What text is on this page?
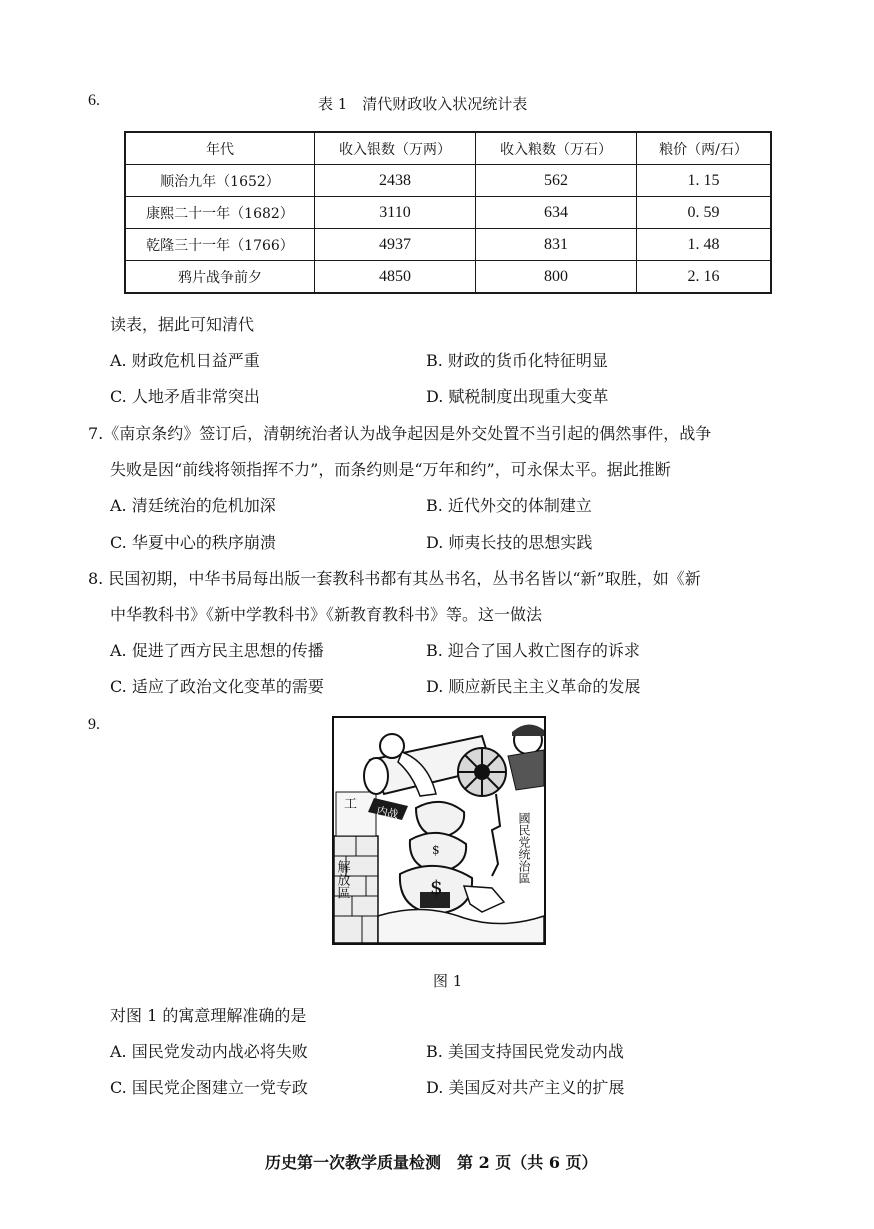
6.	表 1　清代财政收入状况统计表
年代	收入银数（万两）	收入粮数（万石）	粮价（两/石）
顺治九年（1652）	2438	562	1. 15
康熙二十一年（1682）	3110	634	0. 59
乾隆三十一年（1766）	4937	831	1. 48
鸦片战争前夕	4850	800	2. 16
读表，据此可知清代
A. 财政危机日益严重	B. 财政的货币化特征明显
C. 人地矛盾非常突出	D. 赋税制度出现重大变革
7.《南京条约》签订后，清朝统治者认为战争起因是外交处置不当引起的偶然事件，战争
失败是因“前线将领指挥不力”，而条约则是“万年和约”，可永保太平。据此推断
A. 清廷统治的危机加深	B. 近代外交的体制建立
C. 华夏中心的秩序崩溃	D. 师夷长技的思想实践
8. 民国初期，中华书局每出版一套教科书都有其丛书名，丛书名皆以“新”取胜，如《新
中华教科书》《新中学教科书》《新教育教科书》等。这一做法
A. 促进了西方民主思想的传播	B. 迎合了国人救亡图存的诉求
C. 适应了政治文化变革的需要	D. 顺应新民主主义革命的发展
9.
工
解放區
内战
$
$
國民党统治區
图 1
对图 1 的寓意理解准确的是
A. 国民党发动内战必将失败	B. 美国支持国民党发动内战
C. 国民党企图建立一党专政	D. 美国反对共产主义的扩展
历史第一次教学质量检测　第 2 页（共 6 页）
